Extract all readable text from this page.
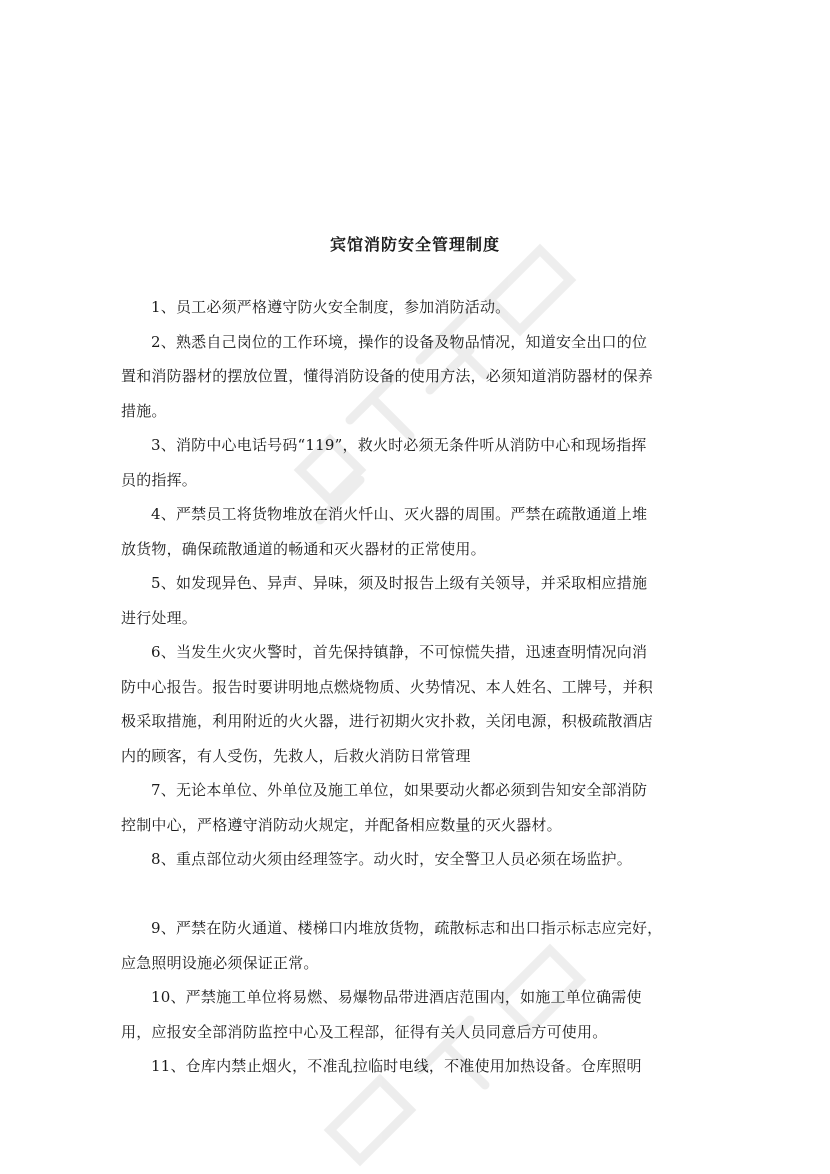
宾馆消防安全管理制度
1、员工必须严格遵守防火安全制度，参加消防活动。
2、熟悉自己岗位的工作环境，操作的设备及物品情况，知道安全出口的位
置和消防器材的摆放位置，懂得消防设备的使用方法，必须知道消防器材的保养
措施。
3、消防中心电话号码“119”，救火时必须无条件听从消防中心和现场指挥
员的指挥。
4、严禁员工将货物堆放在消火忏山、灭火器的周围。严禁在疏散通道上堆
放货物，确保疏散通道的畅通和灭火器材的正常使用。
5、如发现异色、异声、异味，须及时报告上级有关领导，并采取相应措施
进行处理。
6、当发生火灾火警时，首先保持镇静，不可惊慌失措，迅速查明情况向消
防中心报告。报告时要讲明地点燃烧物质、火势情况、本人姓名、工牌号，并积
极采取措施，利用附近的火火器，进行初期火灾扑救，关闭电源，积极疏散酒店
内的顾客，有人受伤，先救人，后救火消防日常管理
7、无论本单位、外单位及施工单位，如果要动火都必须到告知安全部消防
控制中心，严格遵守消防动火规定，并配备相应数量的灭火器材。
8、重点部位动火须由经理签字。动火时，安全警卫人员必须在场监护。
9、严禁在防火通道、楼梯口内堆放货物，疏散标志和出口指示标志应完好，
应急照明设施必须保证正常。
10、严禁施工单位将易燃、易爆物品带进酒店范围内，如施工单位确需使
用，应报安全部消防监控中心及工程部，征得有关人员同意后方可使用。
11、仓库内禁止烟火，不准乱拉临时电线，不准使用加热设备。仓库照明
